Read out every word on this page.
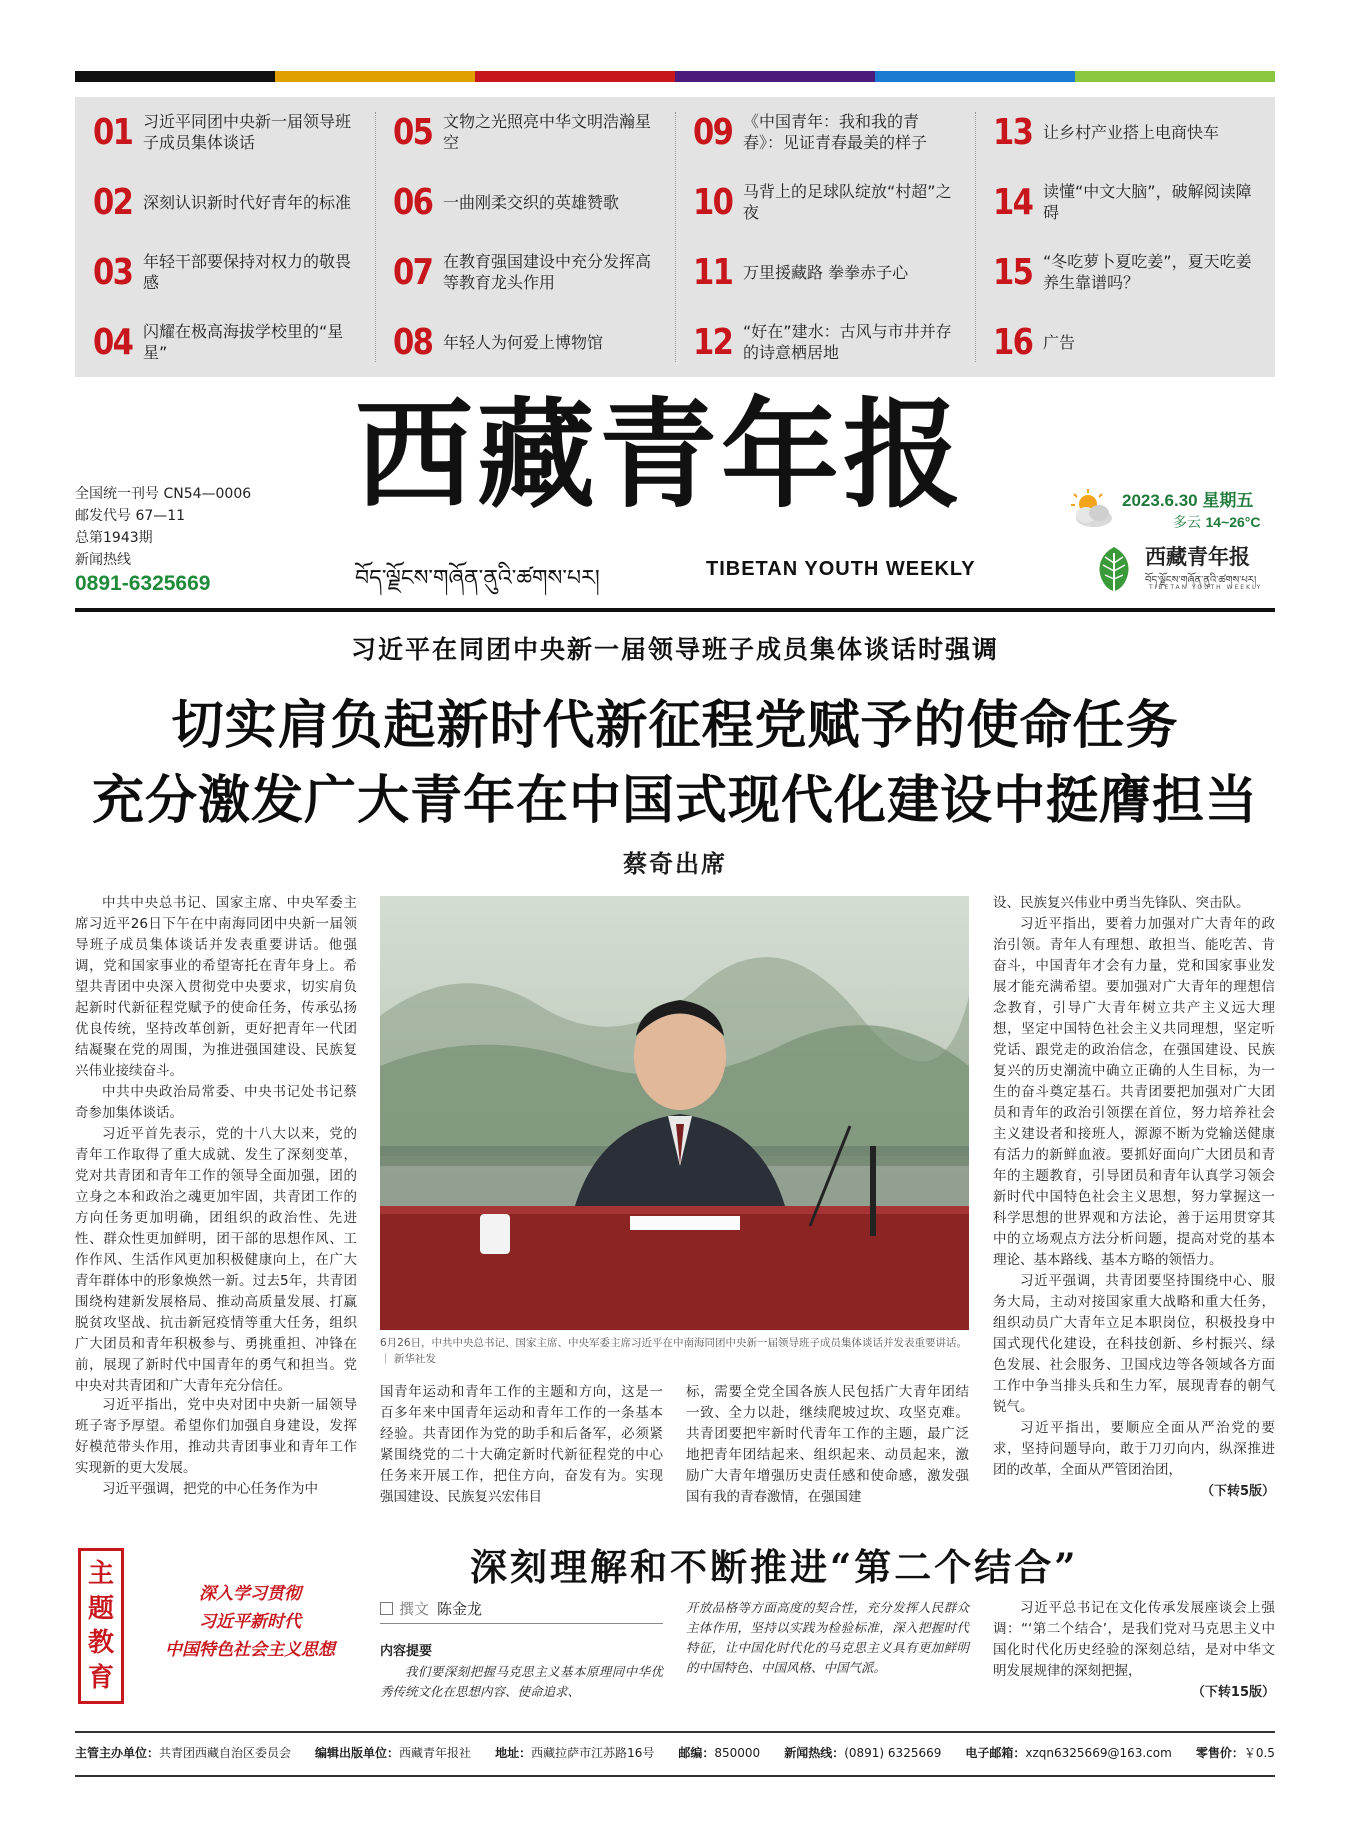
01 习近平同团中央新一届领导班子成员集体谈话	05 文物之光照亮中华文明浩瀚星空	09 《中国青年：我和我的青春》：见证青春最美的样子	13 让乡村产业搭上电商快车
02 深刻认识新时代好青年的标准 06 一曲刚柔交织的英雄赞歌	10 马背上的足球队绽放“村超”之夜	14 读懂“中文大脑”，破解阅读障碍
03 年轻干部要保持对权力的敬畏感	07 在教育强国建设中充分发挥高等教育龙头作用	11 万里援藏路 拳拳赤子心	15 “冬吃萝卜夏吃姜”，夏天吃姜养生靠谱吗？
04 闪耀在极高海拔学校里的“星星”	08 年轻人为何爱上博物馆	12 “好在”建水：古风与市井并存的诗意栖居地	16 广告
全国统一刊号 CN54—0006
邮发代号 67—11
总第1943期
新闻热线
0891-6325669
西藏青年报
བོད་ལྗོངས་གཞོན་ནུའི་ཚགས་པར།	TIBETAN YOUTH WEEKLY
2023.6.30 星期五
多云 14~26°C
西藏青年报
བོད་ལྗོངས་གཞོན་ནུའི་ཚགས་པར།
TIBETAN YOUTH WEEKLY
习近平在同团中央新一届领导班子成员集体谈话时强调
切实肩负起新时代新征程党赋予的使命任务
充分激发广大青年在中国式现代化建设中挺膺担当
蔡奇出席

中共中央总书记、国家主席、中央军委主席习近平26日下午在中南海同团中央新一届领导班子成员集体谈话并发表重要讲话。他强调，党和国家事业的希望寄托在青年身上。希望共青团中央深入贯彻党中央要求，切实肩负起新时代新征程党赋予的使命任务，传承弘扬优良传统，坚持改革创新，更好把青年一代团结凝聚在党的周围，为推进强国建设、民族复兴伟业接续奋斗。

中共中央政治局常委、中央书记处书记蔡奇参加集体谈话。

习近平首先表示，党的十八大以来，党的青年工作取得了重大成就、发生了深刻变革，党对共青团和青年工作的领导全面加强，团的立身之本和政治之魂更加牢固，共青团工作的方向任务更加明确，团组织的政治性、先进性、群众性更加鲜明，团干部的思想作风、工作作风、生活作风更加积极健康向上，在广大青年群体中的形象焕然一新。过去5年，共青团围绕构建新发展格局、推动高质量发展、打赢脱贫攻坚战、抗击新冠疫情等重大任务，组织广大团员和青年积极参与、勇挑重担、冲锋在前，展现了新时代中国青年的勇气和担当。党中央对共青团和广大青年充分信任。

习近平指出，党中央对团中央新一届领导班子寄予厚望。希望你们加强自身建设，发挥好模范带头作用，推动共青团事业和青年工作实现新的更大发展。

习近平强调，把党的中心任务作为中

6月26日，中共中央总书记、国家主席、中央军委主席习近平在中南海同团中央新一届领导班子成员集体谈话并发表重要讲话。 ｜ 新华社发
国青年运动和青年工作的主题和方向，这是一百多年来中国青年运动和青年工作的一条基本经验。共青团作为党的助手和后备军，必须紧紧围绕党的二十大确定新时代新征程党的中心任务来开展工作，把住方向，奋发有为。实现强国建设、民族复兴宏伟目
标，需要全党全国各族人民包括广大青年团结一致、全力以赴，继续爬坡过坎、攻坚克难。共青团要把牢新时代青年工作的主题，最广泛地把青年团结起来、组织起来、动员起来，激励广大青年增强历史责任感和使命感，激发强国有我的青春激情，在强国建
设、民族复兴伟业中勇当先锋队、突击队。

习近平指出，要着力加强对广大青年的政治引领。青年人有理想、敢担当、能吃苦、肯奋斗，中国青年才会有力量，党和国家事业发展才能充满希望。要加强对广大青年的理想信念教育，引导广大青年树立共产主义远大理想，坚定中国特色社会主义共同理想，坚定听党话、跟党走的政治信念，在强国建设、民族复兴的历史潮流中确立正确的人生目标，为一生的奋斗奠定基石。共青团要把加强对广大团员和青年的政治引领摆在首位，努力培养社会主义建设者和接班人，源源不断为党输送健康有活力的新鲜血液。要抓好面向广大团员和青年的主题教育，引导团员和青年认真学习领会新时代中国特色社会主义思想，努力掌握这一科学思想的世界观和方法论，善于运用贯穿其中的立场观点方法分析问题，提高对党的基本理论、基本路线、基本方略的领悟力。

习近平强调，共青团要坚持围绕中心、服务大局，主动对接国家重大战略和重大任务，组织动员广大青年立足本职岗位，积极投身中国式现代化建设，在科技创新、乡村振兴、绿色发展、社会服务、卫国戍边等各领域各方面工作中争当排头兵和生力军，展现青春的朝气锐气。

习近平指出，要顺应全面从严治党的要求，坚持问题导向，敢于刀刃向内，纵深推进团的改革，全面从严管团治团，

（下转5版）
主
题
教
育
深入学习贯彻
习近平新时代
中国特色社会主义思想
深刻理解和不断推进“第二个结合”
撰文 陈金龙
内容提要
我们要深刻把握马克思主义基本原理同中华优秀传统文化在思想内容、使命追求、
开放品格等方面高度的契合性，充分发挥人民群众主体作用，坚持以实践为检验标准，深入把握时代特征，让中国化时代化的马克思主义具有更加鲜明的中国特色、中国风格、中国气派。

习近平总书记在文化传承发展座谈会上强调：“‘第二个结合’，是我们党对马克思主义中国化时代化历史经验的深刻总结，是对中华文明发展规律的深刻把握，

（下转15版）
主管主办单位：共青团西藏自治区委员会 编辑出版单位：西藏青年报社 地址：西藏拉萨市江苏路16号 邮编：850000 新闻热线：(0891) 6325669 电子邮箱：xzqn6325669@163.com 零售价：￥0.5
